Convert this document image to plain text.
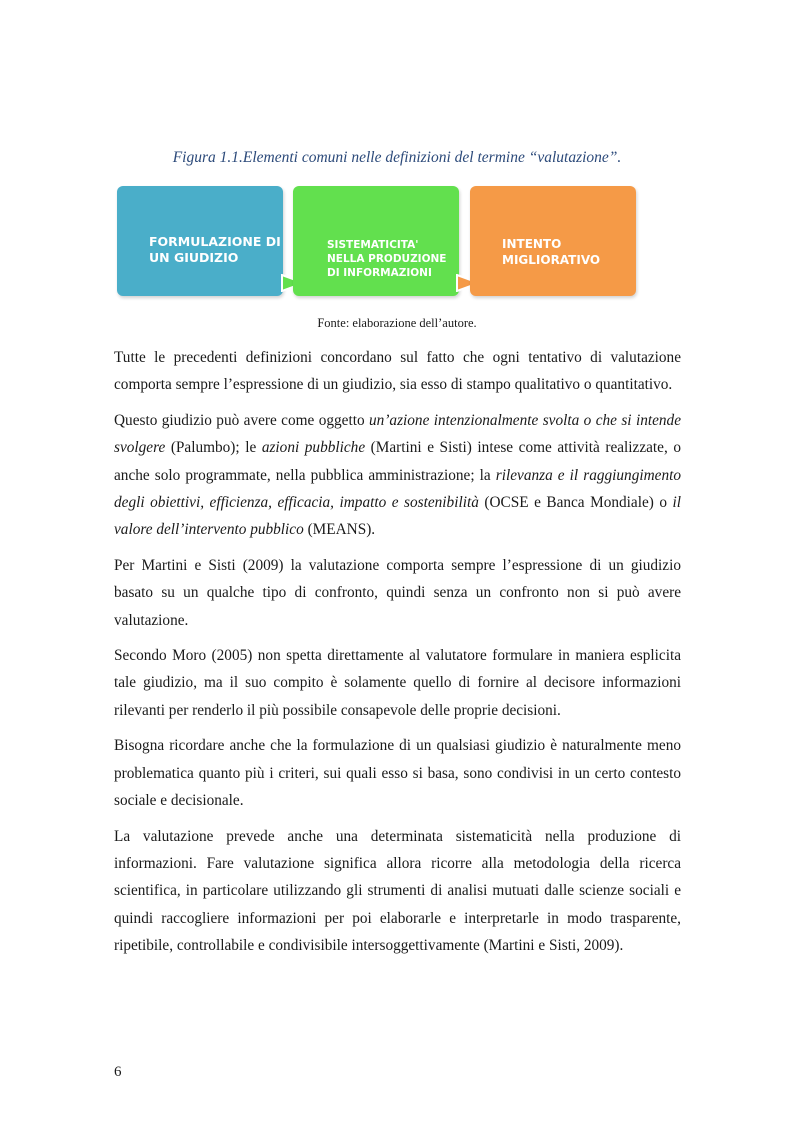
Figura 1.1.Elementi comuni nelle definizioni del termine “valutazione”.
FORMULAZIONE DI
UN GIUDIZIO
SISTEMATICITA'
NELLA PRODUZIONE
DI INFORMAZIONI
INTENTO
MIGLIORATIVO
Fonte: elaborazione dell’autore.

Tutte le precedenti definizioni concordano sul fatto che ogni tentativo di valutazione comporta sempre l’espressione di un giudizio, sia esso di stampo qualitativo o quantitativo.

Questo giudizio può avere come oggetto un’azione intenzionalmente svolta o che si intende svolgere (Palumbo); le azioni pubbliche (Martini e Sisti) intese come attività realizzate, o anche solo programmate, nella pubblica amministrazione; la rilevanza e il raggiungimento degli obiettivi, efficienza, efficacia, impatto e sostenibilità (OCSE e Banca Mondiale) o il valore dell’intervento pubblico (MEANS).

Per Martini e Sisti (2009) la valutazione comporta sempre l’espressione di un giudizio basato su un qualche tipo di confronto, quindi senza un confronto non si può avere valutazione.

Secondo Moro (2005) non spetta direttamente al valutatore formulare in maniera esplicita tale giudizio, ma il suo compito è solamente quello di fornire al decisore informazioni rilevanti per renderlo il più possibile consapevole delle proprie decisioni.

Bisogna ricordare anche che la formulazione di un qualsiasi giudizio è naturalmente meno problematica quanto più i criteri, sui quali esso si basa, sono condivisi in un certo contesto sociale e decisionale.

La valutazione prevede anche una determinata sistematicità nella produzione di informazioni. Fare valutazione significa allora ricorre alla metodologia della ricerca scientifica, in particolare utilizzando gli strumenti di analisi mutuati dalle scienze sociali e quindi raccogliere informazioni per poi elaborarle e interpretarle in modo trasparente, ripetibile, controllabile e condivisibile intersoggettivamente (Martini e Sisti, 2009).

6
